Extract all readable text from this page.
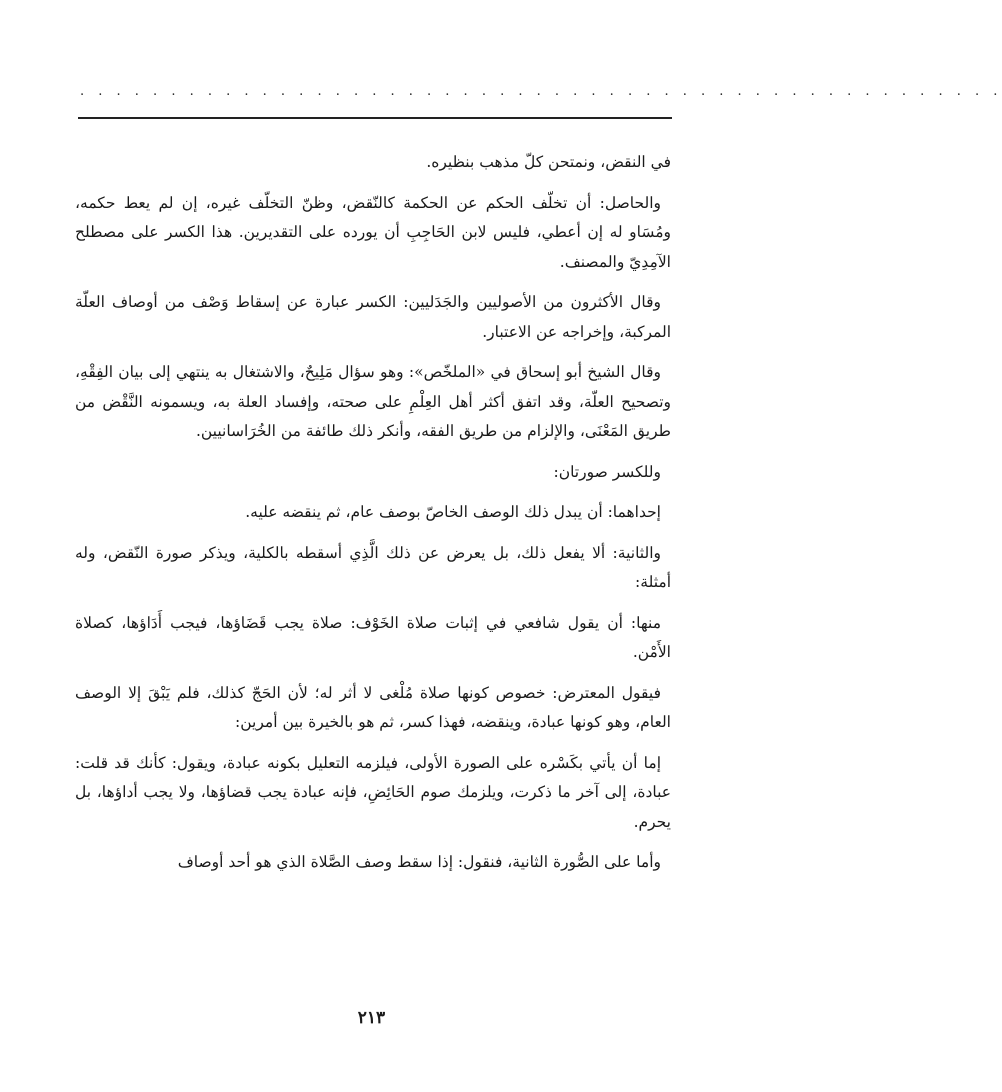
. . . . . . . . . . . . . . . . . . . . . . . . . . . . . . . . . . . . . . . . . . . . . . . . . . .

في النقض، ونمتحن كلّ مذهب بنظيره.

والحاصل: أن تخلّف الحكم عن الحكمة كالنّقض، وظنّ التخلّف غيره، إن لم يعط حكمه، ومُسَاو له إن أعطي، فليس لابن الحَاجِبِ أن يورده على التقديرين. هذا الكسر على مصطلح الآمِدِيّ والمصنف.

وقال الأكثرون من الأصوليين والجَدَليين: الكسر عبارة عن إسقاط وَصْف من أوصاف العلّة المركبة، وإخراجه عن الاعتبار.

وقال الشيخ أبو إسحاق في «الملخّص»: وهو سؤال مَلِيحٌ، والاشتغال به ينتهي إلى بيان الفِقْهِ، وتصحيح العلّة، وقد اتفق أكثر أهل العِلْمِ على صحته، وإفساد العلة به، ويسمونه النَّقْض من طريق المَعْنَى، والإلزام من طريق الفقه، وأنكر ذلك طائفة من الخُرَاسانيين.

وللكسر صورتان:

إحداهما: أن يبدل ذلك الوصف الخاصّ بوصف عام، ثم ينقضه عليه.

والثانية: ألا يفعل ذلك، بل يعرض عن ذلك الَّذِي أسقطه بالكلية، ويذكر صورة النّقض، وله أمثلة:

منها: أن يقول شافعي في إثبات صلاة الخَوْف: صلاة يجب قَضَاؤها، فيجب أَدَاؤها، كصلاة الأَمْن.

فيقول المعترض: خصوص كونها صلاة مُلْغى لا أثر له؛ لأن الحَجّ كذلك، فلم يَبْقَ إلا الوصف العام، وهو كونها عبادة، وينقضه، فهذا كسر، ثم هو بالخيرة بين أمرين:

إما أن يأتي بكَسْره على الصورة الأولى، فيلزمه التعليل بكونه عبادة، ويقول: كأنك قد قلت: عبادة، إلى آخر ما ذكرت، ويلزمك صوم الحَائِضِ، فإنه عبادة يجب قضاؤها، ولا يجب أداؤها، بل يحرم.

وأما على الصُّورة الثانية، فنقول: إذا سقط وصف الصَّلاة الذي هو أحد أوصاف

٢١٣
